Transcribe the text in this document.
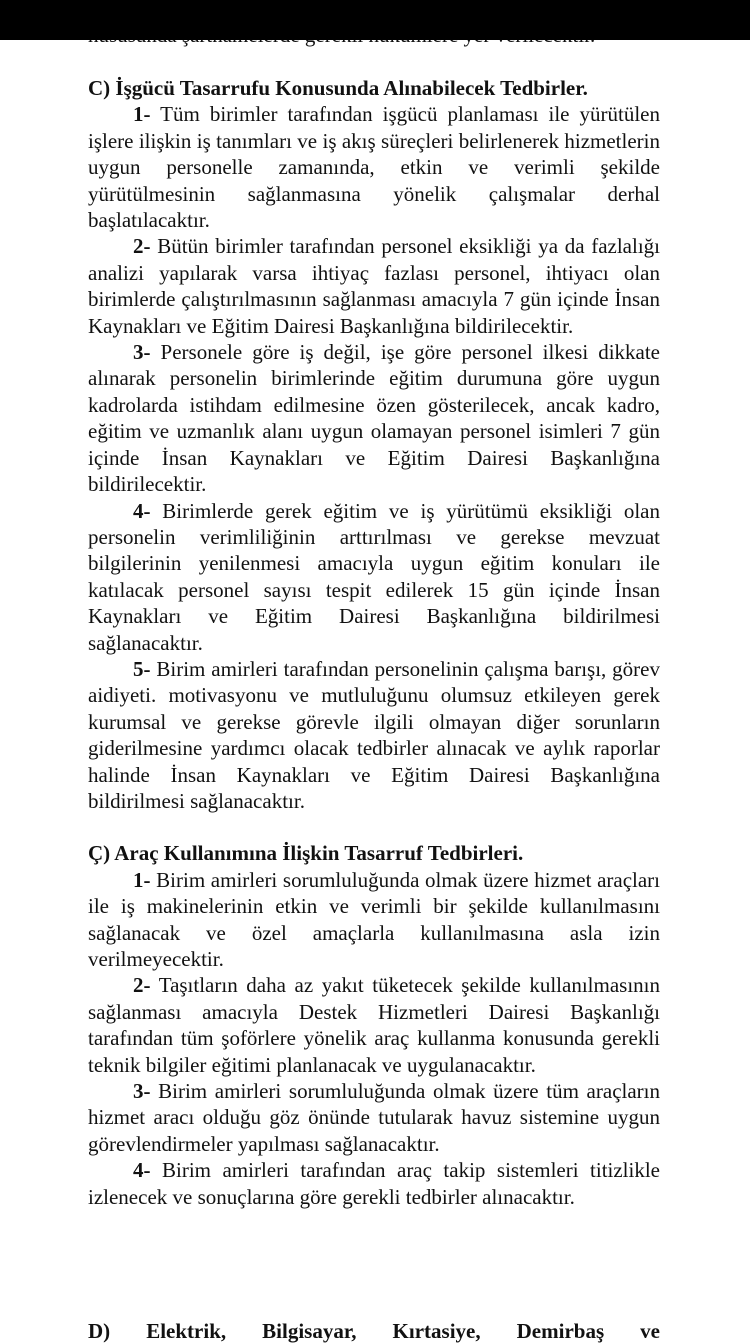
C) İşgücü Tasarrufu Konusunda Alınabilecek Tedbirler.

1- Tüm birimler tarafından işgücü planlaması ile yürütülen işlere ilişkin iş tanımları ve iş akış süreçleri belirlenerek hizmetlerin uygun personelle zamanında, etkin ve verimli şekilde yürütülmesinin sağlanmasına yönelik çalışmalar derhal başlatılacaktır.

2- Bütün birimler tarafından personel eksikliği ya da fazlalığı analizi yapılarak varsa ihtiyaç fazlası personel, ihtiyacı olan birimlerde çalıştırılmasının sağlanması amacıyla 7 gün içinde İnsan Kaynakları ve Eğitim Dairesi Başkanlığına bildirilecektir.

3- Personele göre iş değil, işe göre personel ilkesi dikkate alınarak personelin birimlerinde eğitim durumuna göre uygun kadrolarda istihdam edilmesine özen gösterilecek, ancak kadro, eğitim ve uzmanlık alanı uygun olamayan personel isimleri 7 gün içinde İnsan Kaynakları ve Eğitim Dairesi Başkanlığına bildirilecektir.

4- Birimlerde gerek eğitim ve iş yürütümü eksikliği olan personelin verimliliğinin arttırılması ve gerekse mevzuat bilgilerinin yenilenmesi amacıyla uygun eğitim konuları ile katılacak personel sayısı tespit edilerek 15 gün içinde İnsan Kaynakları ve Eğitim Dairesi Başkanlığına bildirilmesi sağlanacaktır.

5- Birim amirleri tarafından personelinin çalışma barışı, görev aidiyeti. motivasyonu ve mutluluğunu olumsuz etkileyen gerek kurumsal ve gerekse görevle ilgili olmayan diğer sorunların giderilmesine yardımcı olacak tedbirler alınacak ve aylık raporlar halinde İnsan Kaynakları ve Eğitim Dairesi Başkanlığına bildirilmesi sağlanacaktır.

Ç) Araç Kullanımına İlişkin Tasarruf Tedbirleri.

1- Birim amirleri sorumluluğunda olmak üzere hizmet araçları ile iş makinelerinin etkin ve verimli bir şekilde kullanılmasını sağlanacak ve özel amaçlarla kullanılmasına asla izin verilmeyecektir.

2- Taşıtların daha az yakıt tüketecek şekilde kullanılmasının sağlanması amacıyla Destek Hizmetleri Dairesi Başkanlığı tarafından tüm şoförlere yönelik araç kullanma konusunda gerekli teknik bilgiler eğitimi planlanacak ve uygulanacaktır.

3- Birim amirleri sorumluluğunda olmak üzere tüm araçların hizmet aracı olduğu göz önünde tutularak havuz sistemine uygun görevlendirmeler yapılması sağlanacaktır.

4- Birim amirleri tarafından araç takip sistemleri titizlikle izlenecek ve sonuçlarına göre gerekli tedbirler alınacaktır.

D) Elektrik, Bilgisayar, Kırtasiye, Demirbaş ve
